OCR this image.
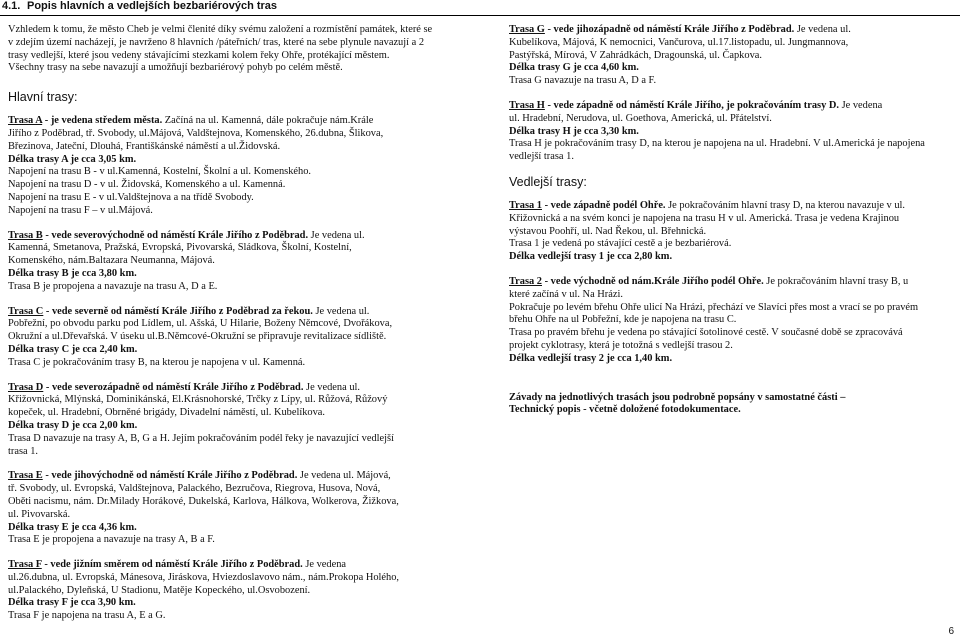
4.1. Popis hlavních a vedlejších bezbariérových tras

Vzhledem k tomu, že město Cheb je velmi členité díky svému založení a rozmístění památek, které se

v zdejím území nacházejí, je navrženo 8 hlavních /páteřních/ tras, které na sebe plynule navazují a 2

trasy vedlejší, které jsou vedeny stávajícími stezkami kolem řeky Ohře, protékající městem.

Všechny trasy na sebe navazují a umožňují bezbariérový pohyb po celém městě.

Hlavní trasy:

Trasa A - je vedena středem města. Začíná na ul. Kamenná, dále pokračuje nám.Krále

Jiřího z Poděbrad, tř. Svobody, ul.Májová, Valdštejnova, Komenského, 26.dubna, Šlikova,

Březinova, Jateční, Dlouhá, Františkánské náměstí a ul.Židovská.

Délka trasy A je cca 3,05 km.

Napojení na trasu B - v ul.Kamenná, Kostelní, Školní a ul. Komenského.

Napojení na trasu D - v ul. Židovská, Komenského a ul. Kamenná.

Napojení na trasu E - v ul.Valdštejnova a na třídě Svobody.

Napojení na trasu F – v ul.Májová.

Trasa B - vede severovýchodně od náměstí Krále Jiřího z Poděbrad. Je vedena ul.

Kamenná, Smetanova, Pražská, Evropská, Pivovarská, Sládkova, Školní, Kostelní,

Komenského, nám.Baltazara Neumanna, Májová.

Délka trasy B je cca 3,80 km.

Trasa B je propojena a navazuje na trasu A, D a E.

Trasa C - vede severně od náměstí Krále Jiřího z Poděbrad za řekou. Je vedena ul.

Pobřežní, po obvodu parku pod Lídlem, ul. Ašská, U Hilarie, Boženy Němcové, Dvořákova,

Okružní a ul.Dřevařská. V úseku ul.B.Němcové-Okružní se připravuje revitalizace sídliště.

Délka trasy C je cca 2,40 km.

Trasa C je pokračováním trasy B, na kterou je napojena v ul. Kamenná.

Trasa D - vede severozápadně od náměstí Krále Jiřího z Poděbrad. Je vedena ul.

Křižovnická, Mlýnská, Dominikánská, El.Krásnohorské, Trčky z Lípy, ul. Růžová, Růžový

kopeček, ul. Hradební, Obrněné brigády, Divadelní náměstí, ul. Kubelíkova.

Délka trasy D je cca 2,00 km.

Trasa D navazuje na trasy A, B, G a H. Jejím pokračováním podél řeky je navazující vedlejší

trasa 1.

Trasa E - vede jihovýchodně od náměstí Krále Jiřího z Poděbrad. Je vedena ul. Májová,

tř. Svobody, ul. Evropská, Valdštejnova, Palackého, Bezručova, Riegrova, Husova, Nová,

Oběti nacismu, nám. Dr.Milady Horákové, Dukelská, Karlova, Hálkova, Wolkerova, Žižkova,

ul. Pivovarská.

Délka trasy E je cca 4,36 km.

Trasa E je propojena a navazuje na trasy A, B a F.

Trasa F - vede jižním směrem od náměstí Krále Jiřího z Poděbrad. Je vedena

ul.26.dubna, ul. Evropská, Mánesova, Jiráskova, Hviezdoslavovo nám., nám.Prokopa Holého,

ul.Palackého, Dyleňská, U Stadionu, Matěje Kopeckého, ul.Osvobození.

Délka trasy F je cca 3,90 km.

Trasa F je napojena na trasu A, E a G.

Trasa G - vede jihozápadně od náměstí Krále Jiřího z Poděbrad. Je vedena ul.

Kubelíkova, Májová, K nemocnici, Vančurova, ul.17.listopadu, ul. Jungmannova,

Pastýřská, Mírová, V Zahrádkách, Dragounská, ul. Čapkova.

Délka trasy G je cca 4,60 km.

Trasa G navazuje na trasu A, D a F.

Trasa H - vede západně od náměstí Krále Jiřího, je pokračováním trasy D. Je vedena

ul. Hradební, Nerudova, ul. Goethova, Americká, ul. Přátelství.

Délka trasy H je cca 3,30 km.

Trasa H je pokračováním trasy D, na kterou je napojena na ul. Hradební. V ul.Americká je napojena

vedlejší trasa 1.

Vedlejší trasy:

Trasa 1 - vede západně podél Ohře. Je pokračováním hlavní trasy D, na kterou navazuje v ul.

Křižovnická a na svém konci je napojena na trasu H v ul. Americká. Trasa je vedena Krajinou

výstavou Poohří, ul. Nad Řekou, ul. Břehnická.

Trasa 1 je vedená po stávající cestě a je bezbariérová.

Délka vedlejší trasy 1 je cca 2,80 km.

Trasa 2 - vede východně od nám.Krále Jiřího podél Ohře. Je pokračováním hlavní trasy B, u

které začíná v ul. Na Hrázi.

Pokračuje po levém břehu Ohře ulicí Na Hrázi, přechází ve Slavíci přes most a vrací se po pravém

břehu Ohře na ul Pobřežní, kde je napojena na trasu C.

Trasa po pravém břehu je vedena po stávající šotolinové cestě. V současné době se zpracovává

projekt cyklotrasy, která je totožná s vedlejší trasou 2.

Délka vedlejší trasy 2 je cca 1,40 km.

Závady na jednotlivých trasách jsou podrobně popsány v samostatné části –

Technický popis - včetně doložené fotodokumentace.

6
